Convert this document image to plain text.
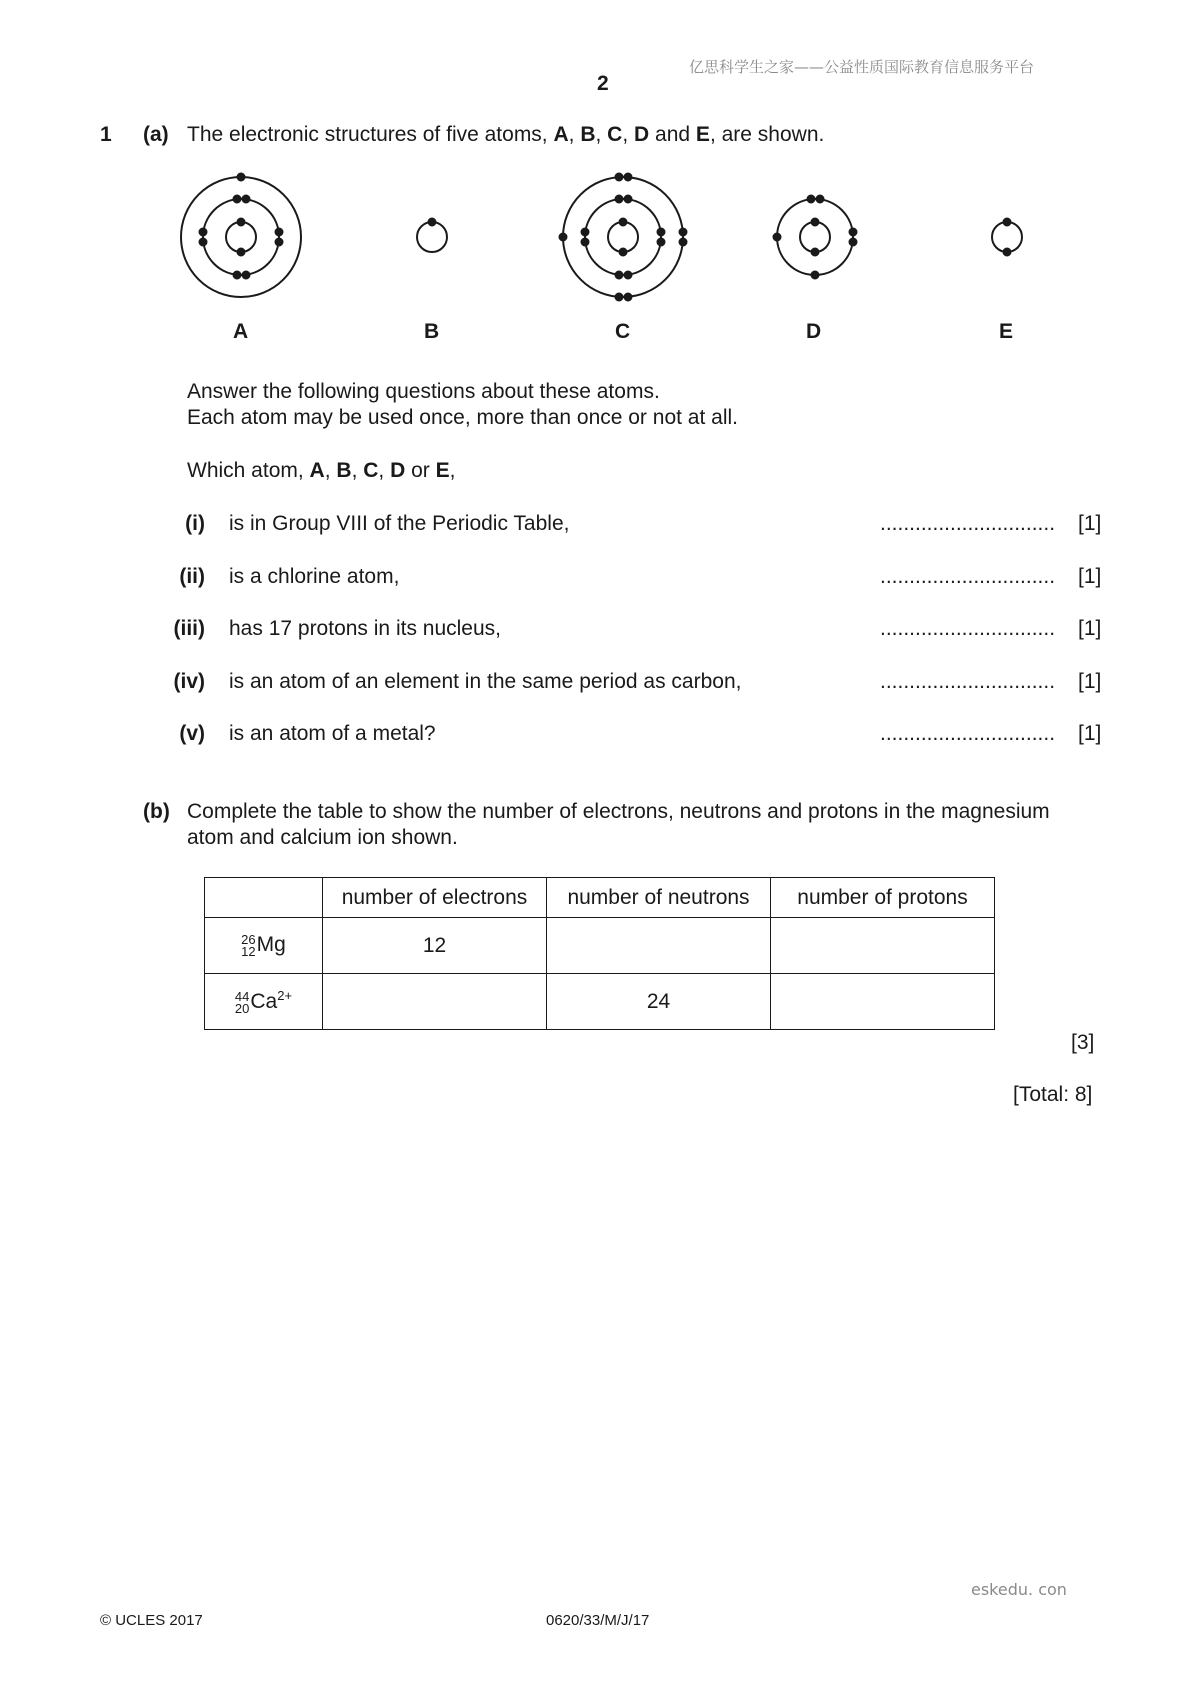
亿思科学生之家——公益性质国际教育信息服务平台
2
1 (a) The electronic structures of five atoms, A, B, C, D and E, are shown.
A	B	C	D	E
Answer the following questions about these atoms.
Each atom may be used once, more than once or not at all.
Which atom, A, B, C, D or E,
(i) is in Group VIII of the Periodic Table,	.............................. [1]
(ii) is a chlorine atom,	.............................. [1]
(iii) has 17 protons in its nucleus,	.............................. [1]
(iv) is an atom of an element in the same period as carbon,	.............................. [1]
(v) is an atom of a metal?	.............................. [1]
(b) Complete the table to show the number of electrons, neutrons and protons in the magnesium
atom and calcium ion shown.
	number of electrons	number of neutrons	number of protons

26
12 Mg	12		

44
20 $Ca^{2+}$		24	
[3]
[Total: 8]
eskedu. con
© UCLES 2017	0620/33/M/J/17
